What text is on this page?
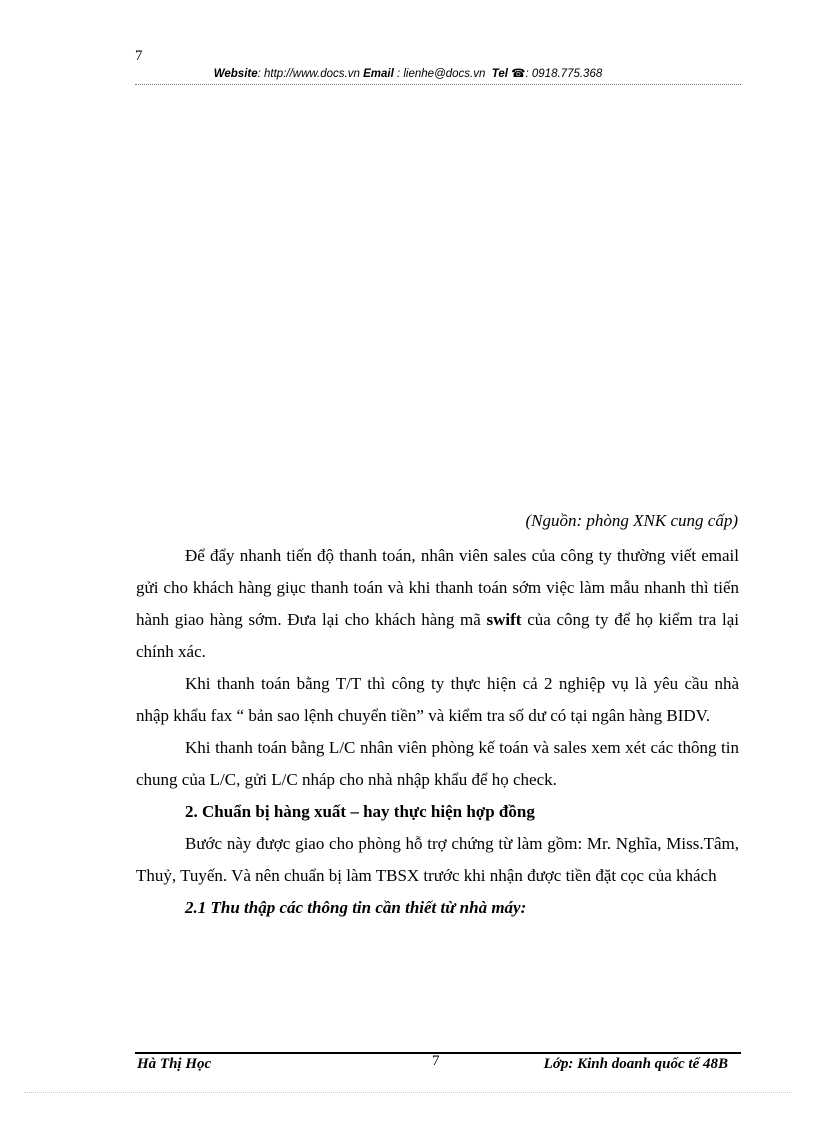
7
Website: http://www.docs.vn Email : lienhe@docs.vn Tel ☎: 0918.775.368
(Nguồn: phòng XNK cung cấp)

Để đẩy nhanh tiến độ thanh toán, nhân viên sales của công ty thường viết email gửi cho khách hàng giục thanh toán và khi thanh toán sớm việc làm mẫu nhanh thì tiến hành giao hàng sớm. Đưa lại cho khách hàng mã swift của công ty để họ kiểm tra lại chính xác.

Khi thanh toán bằng T/T thì công ty thực hiện cả 2 nghiệp vụ là yêu cầu nhà nhập khẩu fax “ bản sao lệnh chuyển tiền” và kiểm tra số dư có tại ngân hàng BIDV.

Khi thanh toán bằng L/C nhân viên phòng kế toán và sales xem xét các thông tin chung của L/C, gửi L/C nháp cho nhà nhập khẩu để họ check.

2. Chuẩn bị hàng xuất – hay thực hiện hợp đồng

Bước này được giao cho phòng hỗ trợ chứng từ làm gồm: Mr. Nghĩa, Miss.Tâm, Thuỷ, Tuyến. Và nên chuẩn bị làm TBSX trước khi nhận được tiền đặt cọc của khách

2.1 Thu thập các thông tin cần thiết từ nhà máy:

Hà Thị Học	7	Lớp: Kinh doanh quốc tế 48B
